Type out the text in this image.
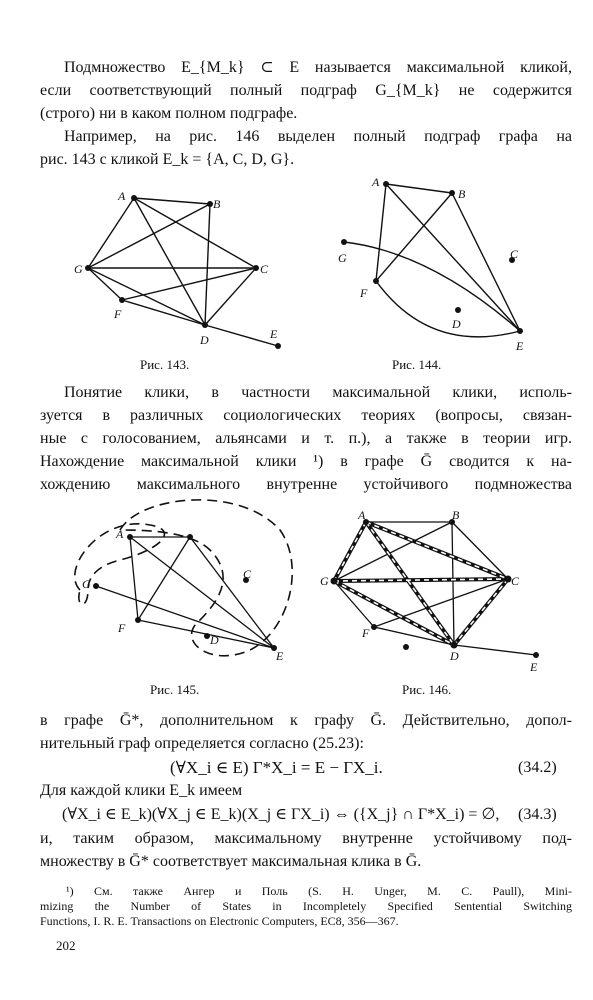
Подмножество E_{M_k} ⊂ E называется максимальной кликой,

если соответствующий полный подграф G_{M_k} не содержится

(строго) ни в каком полном подграфе.

Например, на рис. 146 выделен полный подграф графа на

рис. 143 с кликой E_k = {A, C, D, G}.

A
B
G	C
F
D	E
Рис. 143.
A
B
G	C
F
D
E
Рис. 144.

Понятие клики, в частности максимальной клики, исполь-

зуется в различных социологических теориях (вопросы, связан-

ные с голосованием, альянсами и т. п.), а также в теории игр.

Нахождение максимальной клики ¹) в графе Ḡ сводится к на-

хождению максимального внутренне устойчивого подмножества

A
G
C
F
D
E
Рис. 145.
A	B
G	C
F
D
E
Рис. 146.

в графе Ḡ*, дополнительном к графу Ḡ. Действительно, допол-

нительный граф определяется согласно (25.23):

(∀X_i ∈ E) Γ*X_i = E − ΓX_i.	(34.2)

Для каждой клики E_k имеем

(∀X_i ∈ E_k)(∀X_j ∈ E_k)(X_j ∈ ΓX_i) ⇔ ({X_j} ∩ Γ*X_i) = ∅, (34.3)

и, таким образом, максимальному внутренне устойчивому под-

множеству в Ḡ* соответствует максимальная клика в Ḡ.

¹) См. также Ангер и Поль (S. H. Unger, M. C. Paull), Mini-
mizing the Number of States in Incompletely Specified Sentential Switching
Functions, I. R. E. Transactions on Electronic Computers, EC8, 356—367.
202
